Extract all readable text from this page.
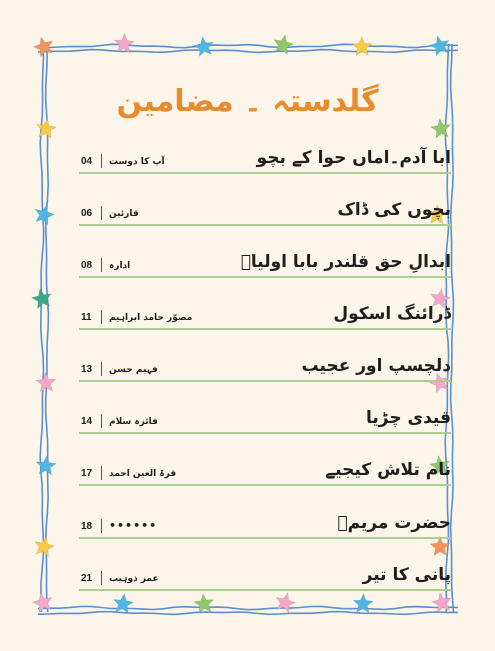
گلدستہ ۔ مضامین
ابا آدم۔اماں حوا کے بچو
04 آپ کا دوست
بچوں کی ڈاک
06 قارئین
ابدالِ حق قلندر بابا اولیاؒ
08 ادارہ
ڈرائنگ اسکول
11 مصوّر حامد ابراہیم
دلچسپ اور عجیب
13 فہیم حسن
قیدی چڑیا
14 فائزہ سلام
نام تلاش کیجیے
17 قرۃ العین احمد
حضرت مریمؑ
18 ••••••
پانی کا تیر
21 عمر ذوہیب
